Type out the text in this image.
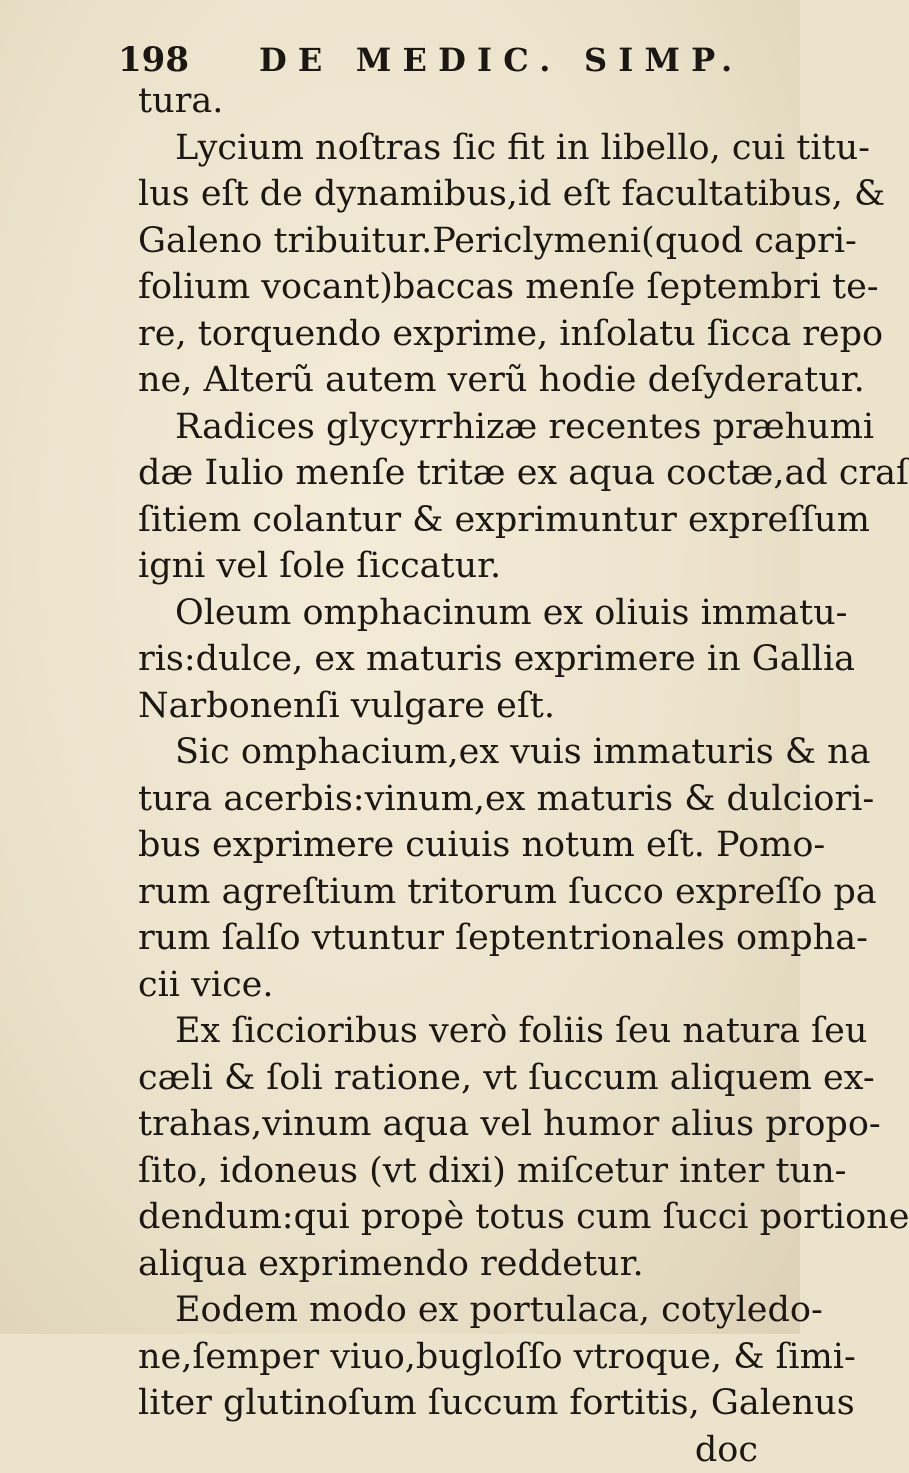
198 DE MEDIC. SIMP.
tura.
Lycium noſtras ſic fit in libello, cui titu-
lus eſt de dynamibus,id eſt facultatibus, &
Galeno tribuitur.Periclymeni(quod capri-
folium vocant)baccas menſe ſeptembri te-
re, torquendo exprime, inſolatu ſicca repo
ne, Alterũ autem verũ hodie deſyderatur.
Radices glycyrrhizæ recentes præhumi
dæ Iulio menſe tritæ ex aqua coctæ,ad craſ
ſitiem colantur & exprimuntur expreſſum
igni vel ſole ſiccatur.
Oleum omphacinum ex oliuis immatu-
ris:dulce, ex maturis exprimere in Gallia
Narbonenſi vulgare eſt.
Sic omphacium,ex vuis immaturis & na
tura acerbis:vinum,ex maturis & dulciori-
bus exprimere cuiuis notum eſt. Pomo-
rum agreſtium tritorum ſucco expreſſo pa
rum ſalſo vtuntur ſeptentrionales ompha-
cii vice.
Ex ſiccioribus verò foliis ſeu natura ſeu
cæli & ſoli ratione, vt ſuccum aliquem ex-
trahas,vinum aqua vel humor alius propo-
ſito, idoneus (vt dixi) miſcetur inter tun-
dendum:qui propè totus cum ſucci portione
aliqua exprimendo reddetur.
Eodem modo ex portulaca, cotyledo-
ne,ſemper viuo,bugloſſo vtroque, & ſimi-
liter glutinoſum ſuccum fortitis, Galenus
doc
